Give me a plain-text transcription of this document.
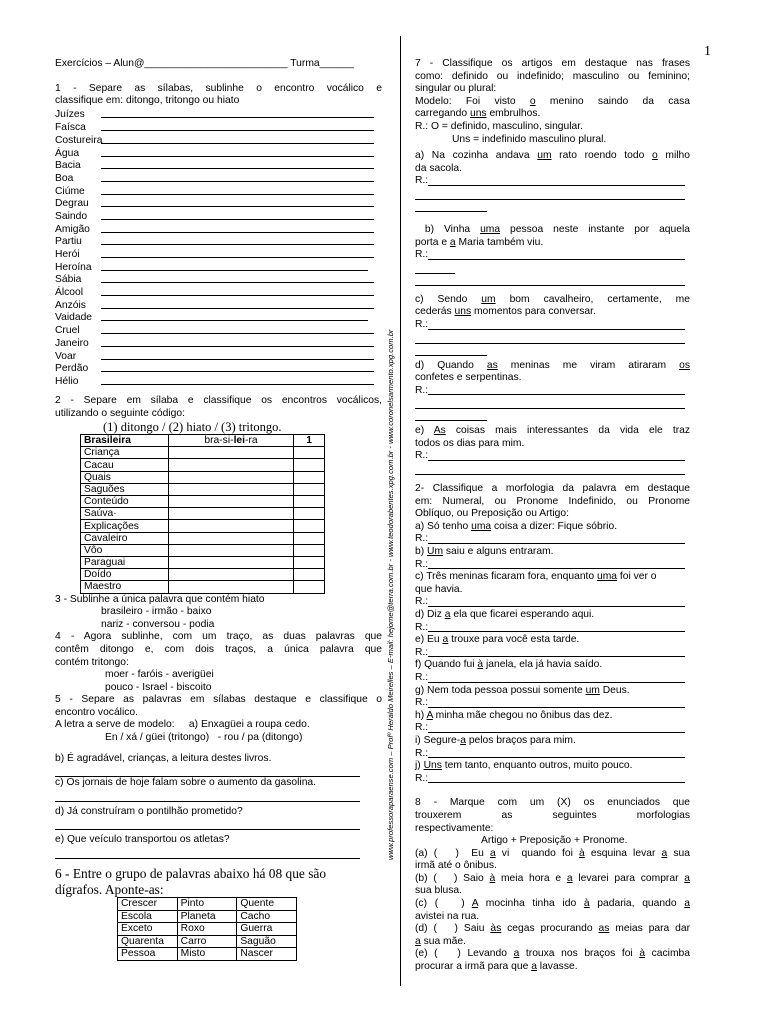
1
www.professoraparaense.com – Profº Heraldo Meirelles – E-mail: hejome@terra.com.br - www.teodorabentes.xpg.com.br - www.coronelsarmento.xpg.com.br
Exercícios – Alun@_________________________ Turma______
1 - Separe as sílabas, sublinhe o encontro vocálico e
classifique em: ditongo, tritongo ou hiato
Juízes
Faísca
Costureira
Água
Bacia
Boa
Ciúme
Degrau
Saindo
Amigão
Partiu
Herói
Heroína
Sábia
Álcool
Anzóis
Vaidade
Cruel
Janeiro
Voar
Perdão
Hélio
2 - Separe em sílaba e classifique os encontros vocálicos,
utilizando o seguinte código:
(1) ditongo / (2) hiato / (3) tritongo.
Brasileira	bra-si-lei-ra	1
Criança		
Cacau		
Quais		
Saguões		
Conteúdo		
Saúva·		
Explicações		
Cavaleiro		
Vôo		
Paraguai		
Doído		
Maestro		
3 - Sublinhe a única palavra que contém hiato
brasileiro - irmão - baixo
nariz - conversou - podia
4 - Agora sublinhe, com um traço, as duas palavras que
contêm ditongo e, com dois traços, a única palavra que
contém tritongo:
moer - faróis - averigüei
pouco - Israel - biscoito
5 - Separe as palavras em sílabas destaque e classifique o
encontro vocálico.
A letra a serve de modelo:     a) Enxagüei a roupa cedo.
En / xá / güei (tritongo)   - rou / pa (ditongo)
b) É agradável, crianças, a leitura destes livros.
c) Os jornais de hoje falam sobre o aumento da gasolina.
d) Já construíram o pontilhão prometido?
e) Que veículo transportou os atletas?
6 - Entre o grupo de palavras abaixo há 08 que são
dígrafos. Aponte-as:
Crescer	Pinto	Quente
Escola	Planeta	Cacho
Exceto	Roxo	Guerra
Quarenta	Carro	Saguão
Pessoa	Misto	Nascer
7 - Classifique os artigos em destaque nas frases
como: definido ou indefinido; masculino ou feminino;
singular ou plural:
Modelo: Foi visto o menino saindo da casa
carregando uns embrulhos.
R.: O = definido, masculino, singular.
Uns = indefinido masculino plural.
a) Na cozinha andava um rato roendo todo o milho
da sacola.
R.:
b) Vinha uma pessoa neste instante por aquela
porta e a Maria também viu.
R.:
c) Sendo um bom cavalheiro, certamente, me
cederás uns momentos para conversar.
R.:
d) Quando as meninas me viram atiraram os
confetes e serpentinas.
R.:
e) As coisas mais interessantes da vida ele traz
todos os dias para mim.
R.:
2- Classifique a morfologia da palavra em destaque
em: Numeral, ou Pronome Indefinido, ou Pronome
Oblíquo, ou Preposição ou Artigo:
a) Só tenho uma coisa a dizer: Fique sóbrio.
R.:
b) Um saiu e alguns entraram.
R.:
c) Três meninas ficaram fora, enquanto uma foi ver o
que havia.
R.:
d) Diz a ela que ficarei esperando aqui.
R.:
e) Eu a trouxe para você esta tarde.
R.:
f) Quando fui à janela, ela já havia saído.
R.:
g) Nem toda pessoa possui somente um Deus.
R.:
h) A minha mãe chegou no ônibus das dez.
R.:
i) Segure-a pelos braços para mim.
R.:
j) Uns tem tanto, enquanto outros, muito pouco.
R.:
8 - Marque com um (X) os enunciados que
trouxerem as seguintes morfologias
respectivamente:
Artigo + Preposição + Pronome.
(a) (   )  Eu a vi  quando foi à esquina levar a sua
irmã até o ônibus.
(b) (   ) Saio à meia hora e a levarei para comprar a
sua blusa.
(c) (   ) A mocinha tinha ido à padaria, quando a
avistei na rua.
(d) (   ) Saiu às cegas procurando as meias para dar
a sua mãe.
(e) (   ) Levando a trouxa nos braços foi à cacimba
procurar a irmã para que a lavasse.
